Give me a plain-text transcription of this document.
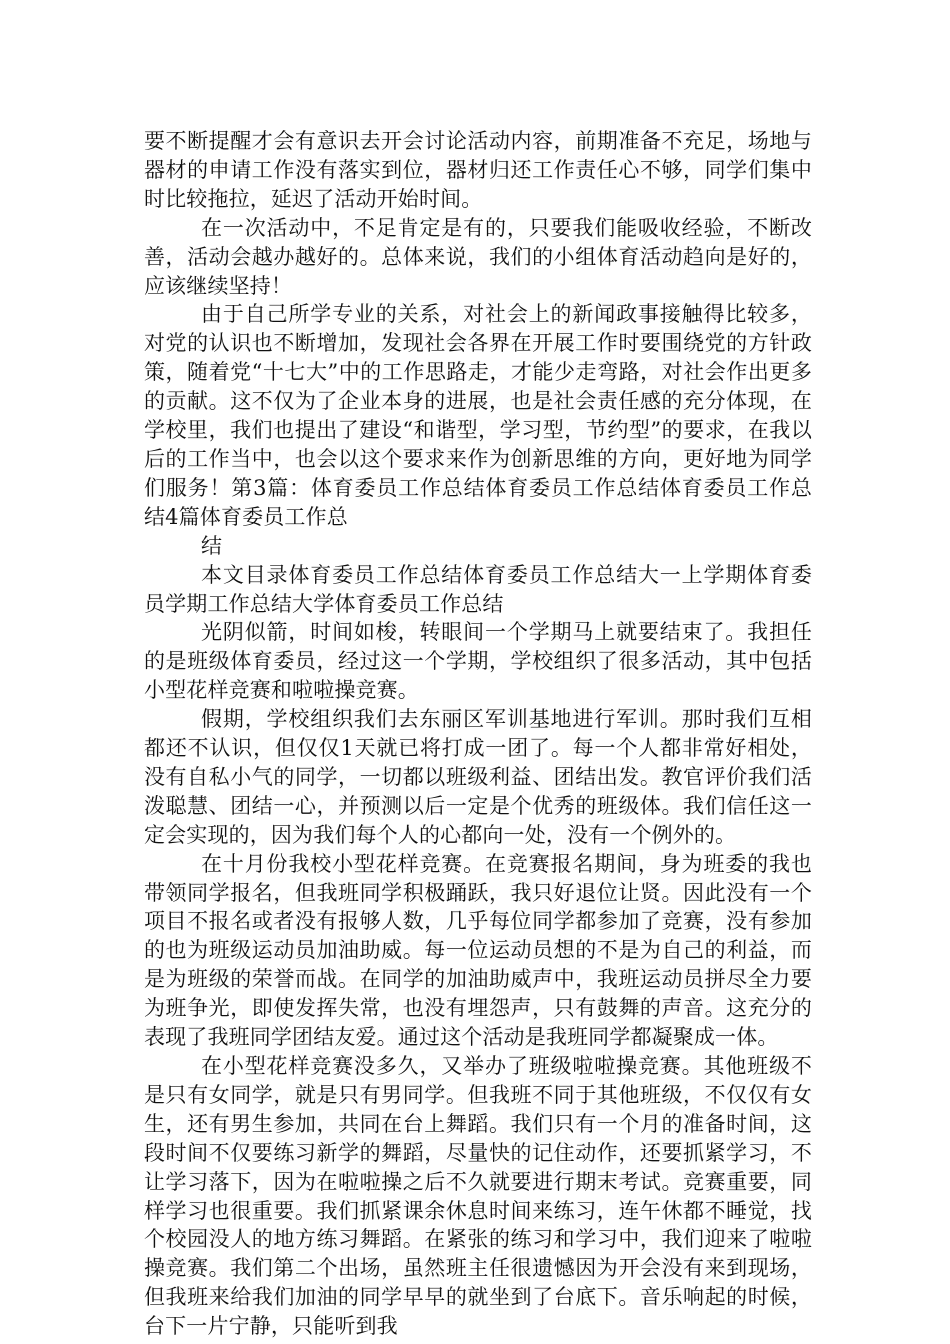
要不断提醒才会有意识去开会讨论活动内容，前期准备不充足，场地与器材的申请工作没有落实到位，器材归还工作责任心不够，同学们集中时比较拖拉，延迟了活动开始时间。

在一次活动中，不足肯定是有的，只要我们能吸收经验，不断改善，活动会越办越好的。总体来说，我们的小组体育活动趋向是好的，应该继续坚持！

由于自己所学专业的关系，对社会上的新闻政事接触得比较多，对党的认识也不断增加，发现社会各界在开展工作时要围绕党的方针政策，随着党“十七大”中的工作思路走，才能少走弯路，对社会作出更多的贡献。这不仅为了企业本身的进展，也是社会责任感的充分体现，在学校里，我们也提出了建设“和谐型，学习型，节约型”的要求，在我以后的工作当中，也会以这个要求来作为创新思维的方向，更好地为同学们服务！第3篇：体育委员工作总结体育委员工作总结体育委员工作总结4篇体育委员工作总

结

本文目录体育委员工作总结体育委员工作总结大一上学期体育委员学期工作总结大学体育委员工作总结

光阴似箭，时间如梭，转眼间一个学期马上就要结束了。我担任的是班级体育委员，经过这一个学期，学校组织了很多活动，其中包括小型花样竞赛和啦啦操竞赛。

假期，学校组织我们去东丽区军训基地进行军训。那时我们互相都还不认识，但仅仅1天就已将打成一团了。每一个人都非常好相处，没有自私小气的同学，一切都以班级利益、团结出发。教官评价我们活泼聪慧、团结一心，并预测以后一定是个优秀的班级体。我们信任这一定会实现的，因为我们每个人的心都向一处，没有一个例外的。

在十月份我校小型花样竞赛。在竞赛报名期间，身为班委的我也带领同学报名，但我班同学积极踊跃，我只好退位让贤。因此没有一个项目不报名或者没有报够人数，几乎每位同学都参加了竞赛，没有参加的也为班级运动员加油助威。每一位运动员想的不是为自己的利益，而是为班级的荣誉而战。在同学的加油助威声中，我班运动员拼尽全力要为班争光，即使发挥失常，也没有埋怨声，只有鼓舞的声音。这充分的表现了我班同学团结友爱。通过这个活动是我班同学都凝聚成一体。

在小型花样竞赛没多久，又举办了班级啦啦操竞赛。其他班级不是只有女同学，就是只有男同学。但我班不同于其他班级，不仅仅有女生，还有男生参加，共同在台上舞蹈。我们只有一个月的准备时间，这段时间不仅要练习新学的舞蹈，尽量快的记住动作，还要抓紧学习，不让学习落下，因为在啦啦操之后不久就要进行期末考试。竞赛重要，同样学习也很重要。我们抓紧课余休息时间来练习，连午休都不睡觉，找个校园没人的地方练习舞蹈。在紧张的练习和学习中，我们迎来了啦啦操竞赛。我们第二个出场，虽然班主任很遗憾因为开会没有来到现场，但我班来给我们加油的同学早早的就坐到了台底下。音乐响起的时候，台下一片宁静，只能听到我
